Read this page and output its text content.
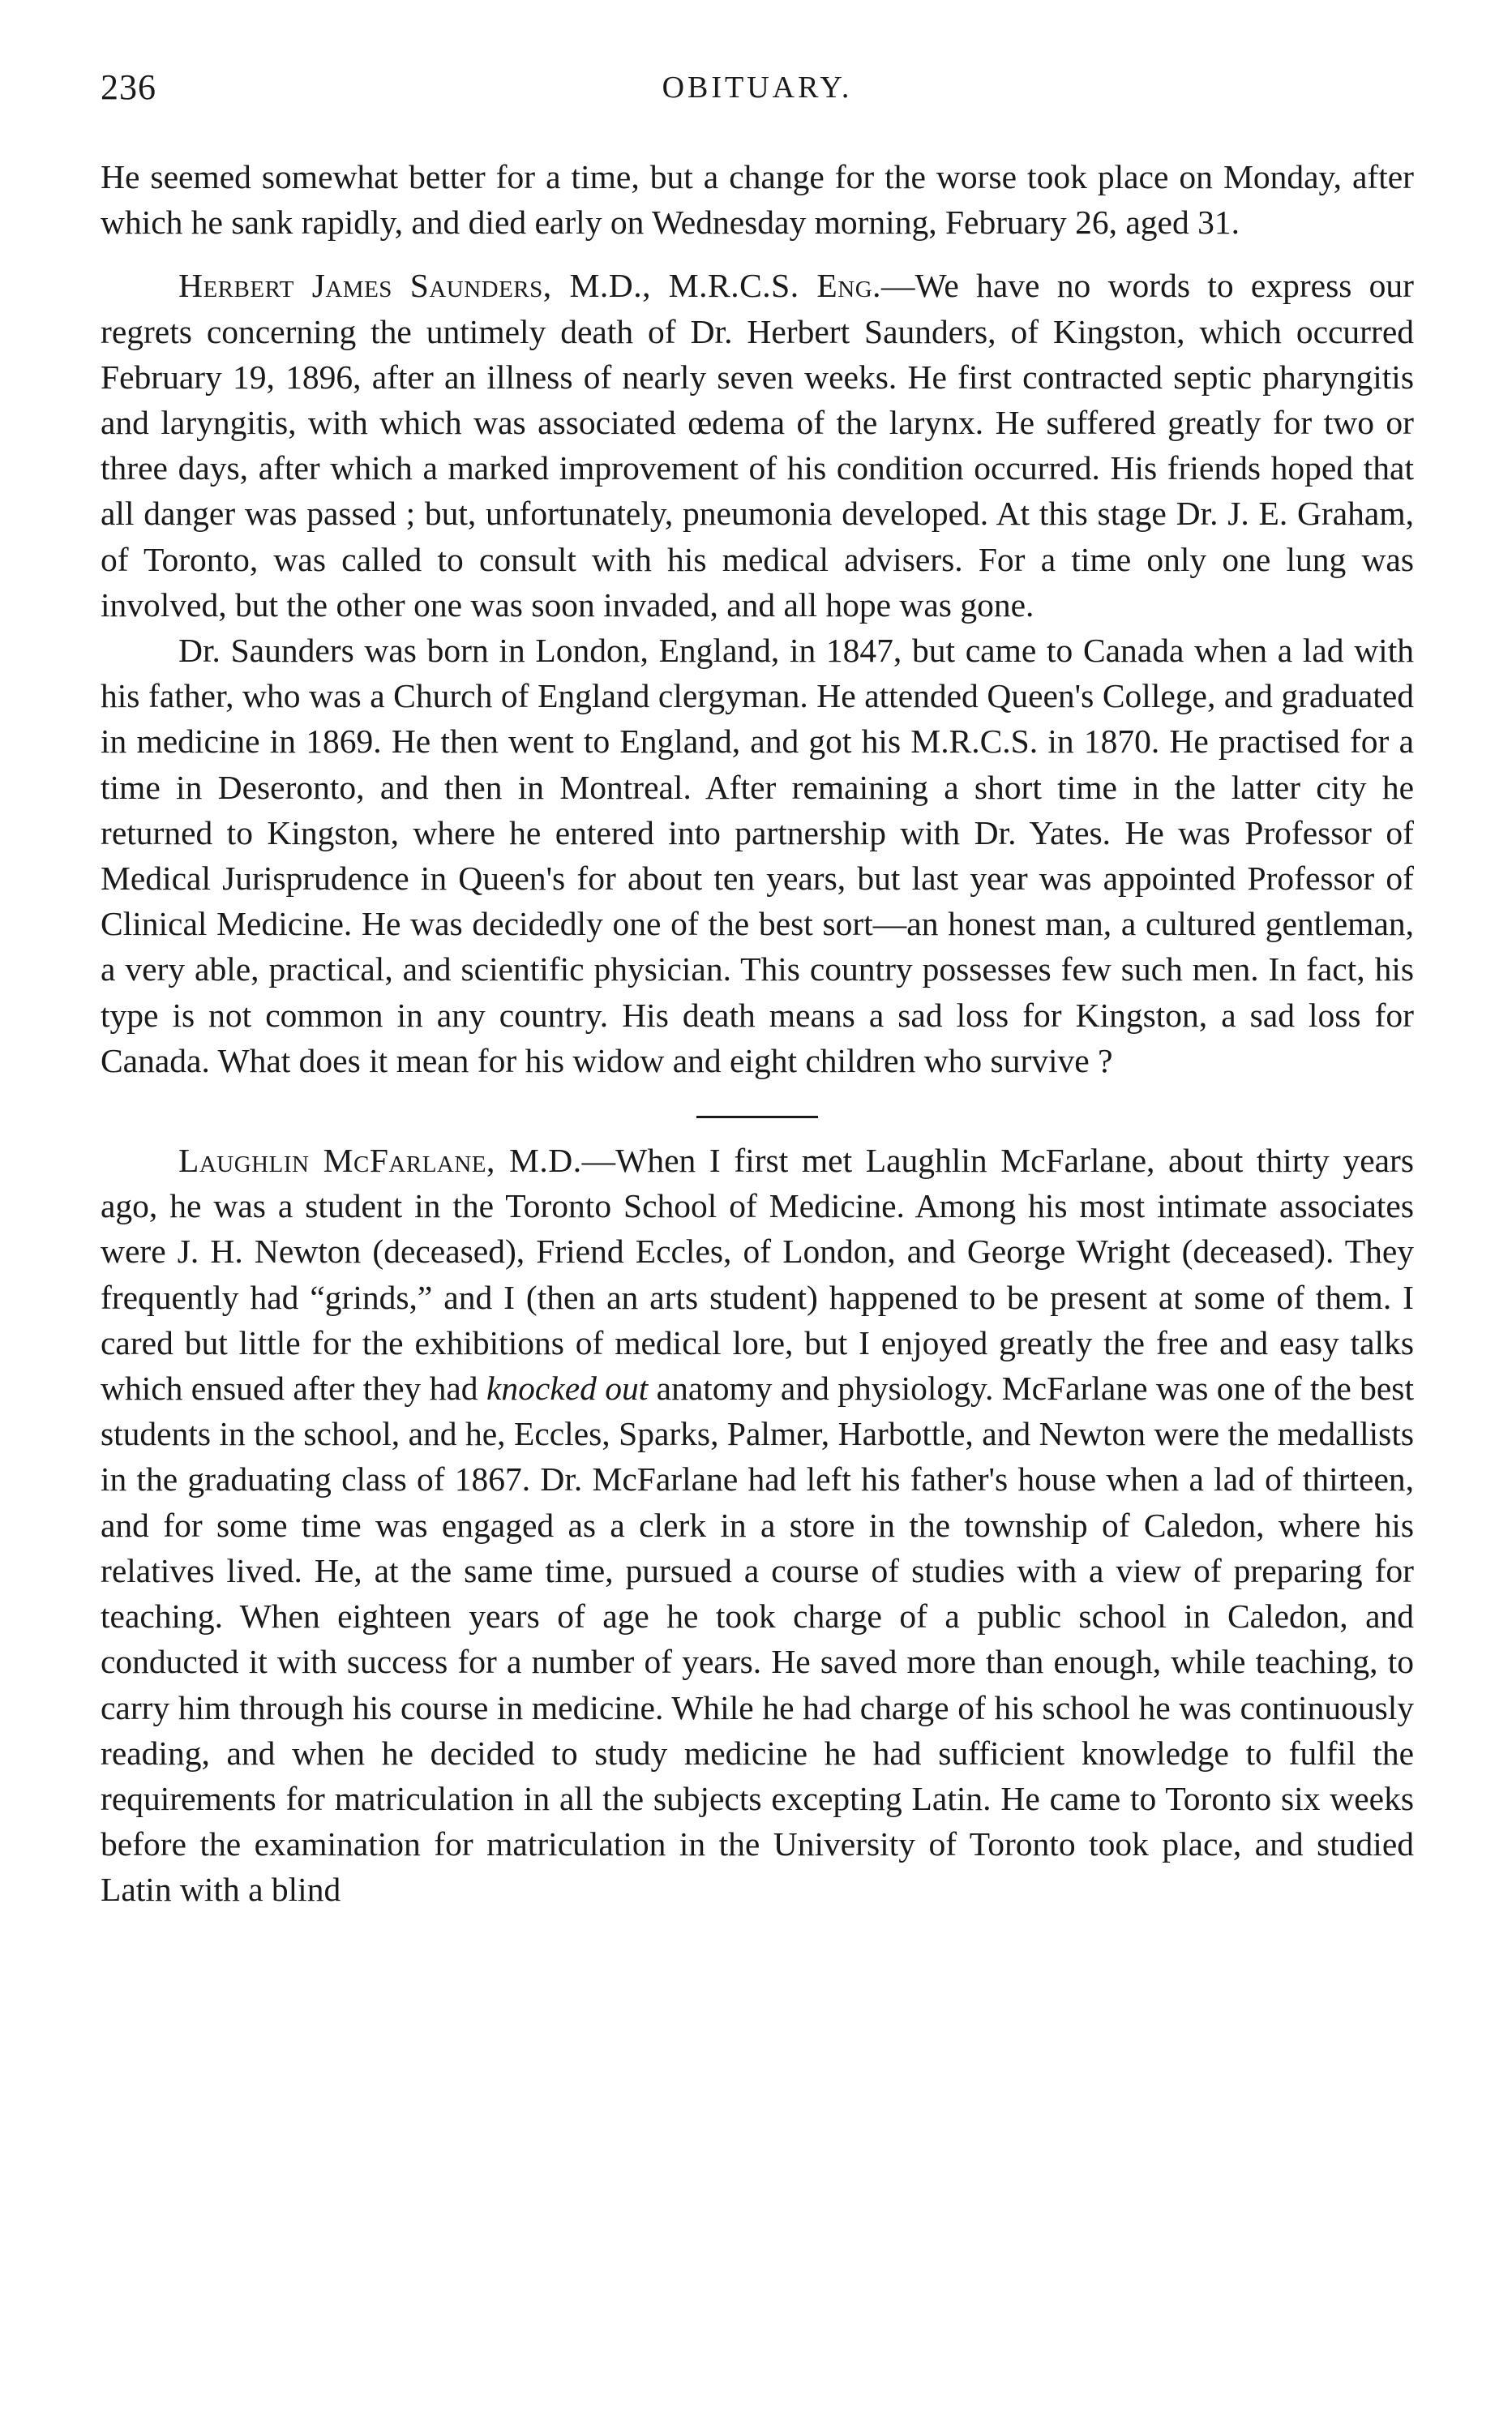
236	OBITUARY.

He seemed somewhat better for a time, but a change for the worse took place on Monday, after which he sank rapidly, and died early on Wednesday morning, February 26, aged 31.

Herbert James Saunders, M.D., M.R.C.S. Eng.—We have no words to express our regrets concerning the untimely death of Dr. Herbert Saunders, of Kingston, which occurred February 19, 1896, after an illness of nearly seven weeks. He first contracted septic pharyngitis and laryngitis, with which was associated œdema of the larynx. He suffered greatly for two or three days, after which a marked improvement of his condition occurred. His friends hoped that all danger was passed ; but, unfortunately, pneumonia developed. At this stage Dr. J. E. Graham, of Toronto, was called to consult with his medical advisers. For a time only one lung was involved, but the other one was soon invaded, and all hope was gone.

Dr. Saunders was born in London, England, in 1847, but came to Canada when a lad with his father, who was a Church of England clergyman. He attended Queen's College, and graduated in medicine in 1869. He then went to England, and got his M.R.C.S. in 1870. He practised for a time in Deseronto, and then in Montreal. After remaining a short time in the latter city he returned to Kingston, where he entered into partnership with Dr. Yates. He was Professor of Medical Jurisprudence in Queen's for about ten years, but last year was appointed Professor of Clinical Medicine. He was decidedly one of the best sort—an honest man, a cultured gentleman, a very able, practical, and scientific physician. This country possesses few such men. In fact, his type is not common in any country. His death means a sad loss for Kingston, a sad loss for Canada. What does it mean for his widow and eight children who survive ?

Laughlin McFarlane, M.D.—When I first met Laughlin McFarlane, about thirty years ago, he was a student in the Toronto School of Medicine. Among his most intimate associates were J. H. Newton (deceased), Friend Eccles, of London, and George Wright (deceased). They frequently had “grinds,” and I (then an arts student) happened to be present at some of them. I cared but little for the exhibitions of medical lore, but I enjoyed greatly the free and easy talks which ensued after they had knocked out anatomy and physiology. McFarlane was one of the best students in the school, and he, Eccles, Sparks, Palmer, Harbottle, and Newton were the medallists in the graduating class of 1867. Dr. McFarlane had left his father's house when a lad of thirteen, and for some time was engaged as a clerk in a store in the township of Caledon, where his relatives lived. He, at the same time, pursued a course of studies with a view of preparing for teaching. When eighteen years of age he took charge of a public school in Caledon, and conducted it with success for a number of years. He saved more than enough, while teaching, to carry him through his course in medicine. While he had charge of his school he was continuously reading, and when he decided to study medicine he had sufficient knowledge to fulfil the requirements for matriculation in all the subjects excepting Latin. He came to Toronto six weeks before the examination for matriculation in the University of Toronto took place, and studied Latin with a blind
